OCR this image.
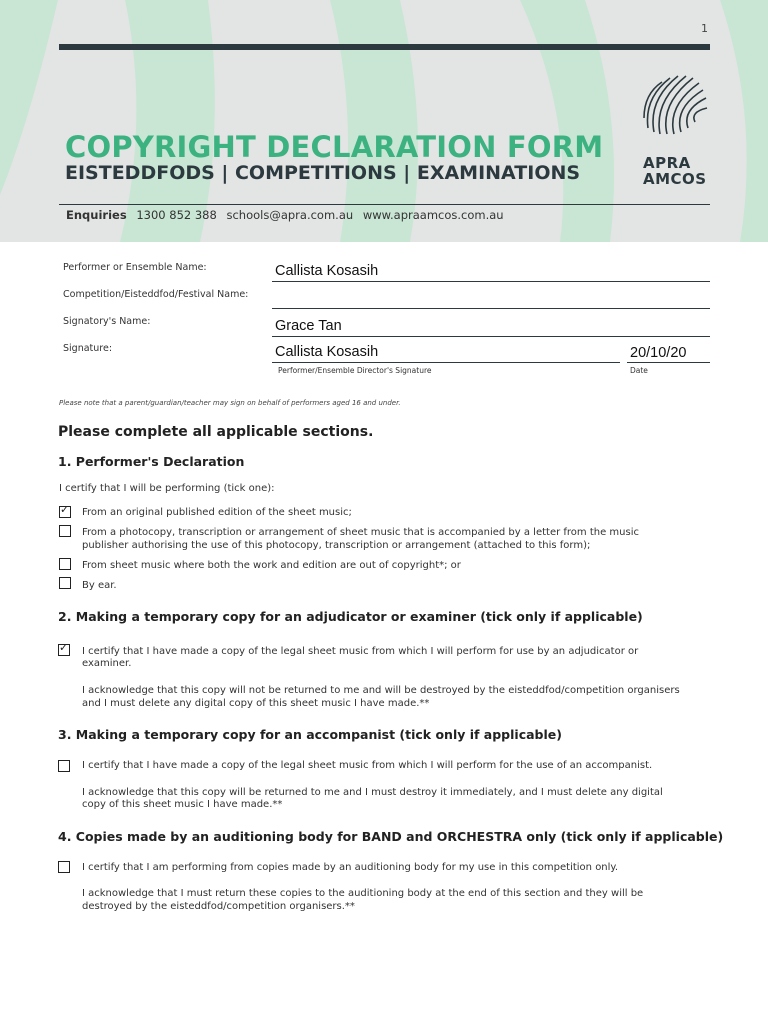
1
APRA
AMCOS
COPYRIGHT DECLARATION FORM
EISTEDDFODS | COMPETITIONS | EXAMINATIONS
Enquiries 1300 852 388 schools@apra.com.au www.apraamcos.com.au
Performer or Ensemble Name:	Callista Kosasih
Competition/Eisteddfod/Festival Name:
Signatory's Name:	Grace Tan
Signature:	Callista Kosasih	20/10/20
Performer/Ensemble Director's Signature	Date
Please note that a parent/guardian/teacher may sign on behalf of performers aged 16 and under.
Please complete all applicable sections.
1. Performer's Declaration
I certify that I will be performing (tick one):
✓ From an original published edition of the sheet music;
From a photocopy, transcription or arrangement of sheet music that is accompanied by a letter from the music
publisher authorising the use of this photocopy, transcription or arrangement (attached to this form);
From sheet music where both the work and edition are out of copyright*; or
By ear.
2. Making a temporary copy for an adjudicator or examiner (tick only if applicable)
✓ I certify that I have made a copy of the legal sheet music from which I will perform for use by an adjudicator or
examiner.
I acknowledge that this copy will not be returned to me and will be destroyed by the eisteddfod/competition organisers
and I must delete any digital copy of this sheet music I have made.**
3. Making a temporary copy for an accompanist (tick only if applicable)
I certify that I have made a copy of the legal sheet music from which I will perform for the use of an accompanist.
I acknowledge that this copy will be returned to me and I must destroy it immediately, and I must delete any digital
copy of this sheet music I have made.**
4. Copies made by an auditioning body for BAND and ORCHESTRA only (tick only if applicable)
I certify that I am performing from copies made by an auditioning body for my use in this competition only.
I acknowledge that I must return these copies to the auditioning body at the end of this section and they will be
destroyed by the eisteddfod/competition organisers.**
